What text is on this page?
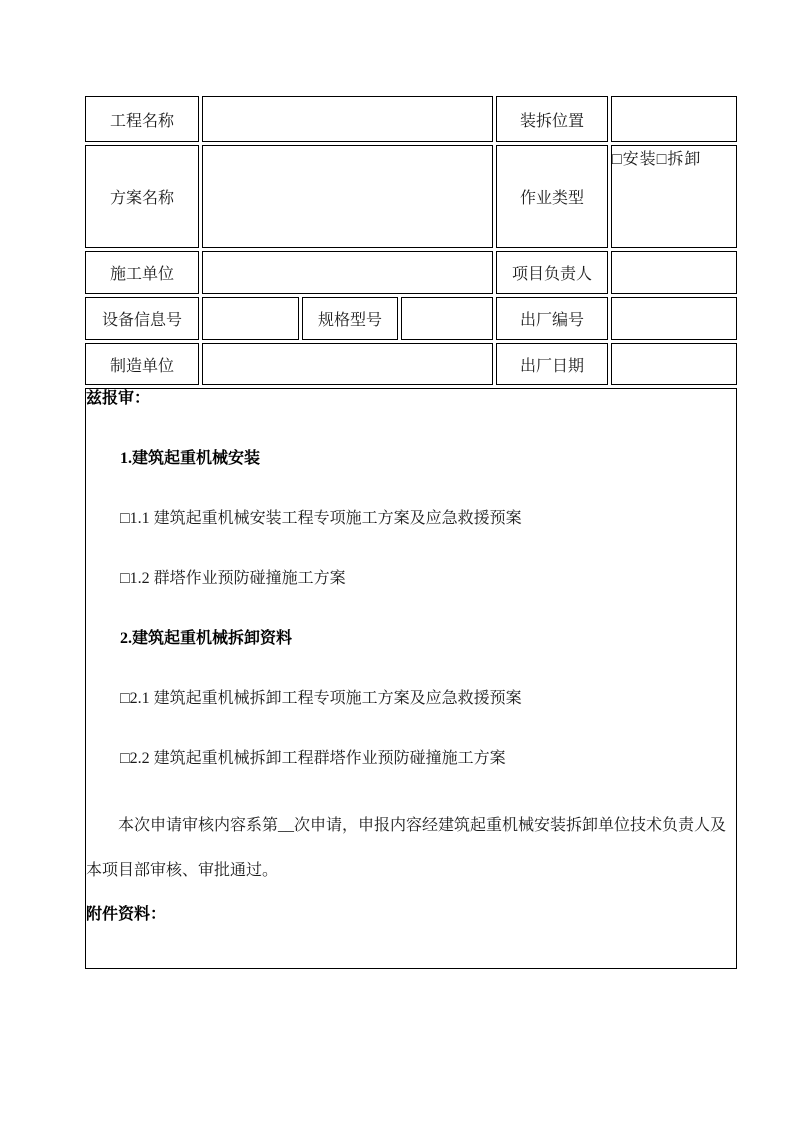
工程名称				装拆位置	
方案名称				作业类型	□安装□拆卸
施工单位				项目负责人	
设备信息号		规格型号		出厂编号	
制造单位				出厂日期	

兹报审：

1.建筑起重机械安装

□1.1 建筑起重机械安装工程专项施工方案及应急救援预案

□1.2 群塔作业预防碰撞施工方案

2.建筑起重机械拆卸资料

□2.1 建筑起重机械拆卸工程专项施工方案及应急救援预案

□2.2 建筑起重机械拆卸工程群塔作业预防碰撞施工方案

本次申请审核内容系第__次申请，申报内容经建筑起重机械安装拆卸单位技术负责人及本项目部审核、审批通过。

附件资料：
